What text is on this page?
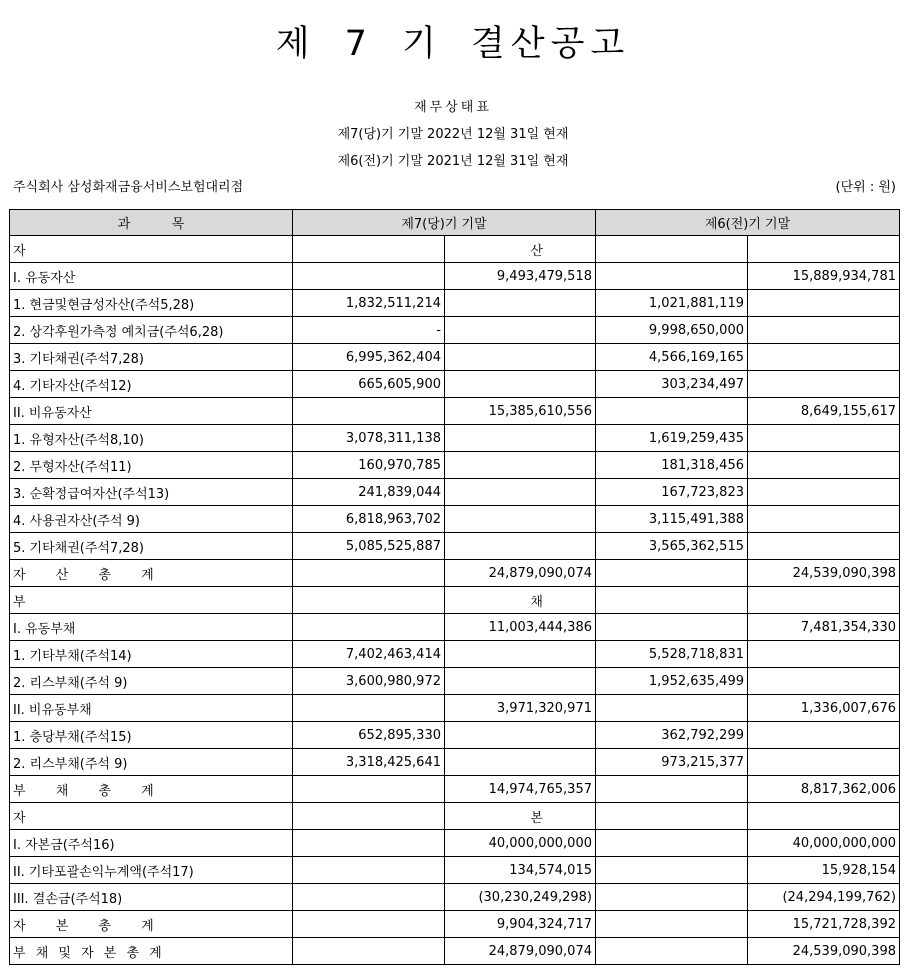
제 7 기 결산공고
재무상태표
제7(당)기 기말 2022년 12월 31일 현재
제6(전)기 기말 2021년 12월 31일 현재
주식회사 삼성화재금융서비스보험대리점	(단위 : 원)
과          목	제7(당)기 기말		제6(전)기 기말	
자      산				
I. 유동자산		9,493,479,518		15,889,934,781
1. 현금및현금성자산(주석5,28)	1,832,511,214		1,021,881,119	
2. 상각후원가측정 예치금(주석6,28)	-		9,998,650,000	
3. 기타채권(주석7,28)	6,995,362,404		4,566,169,165	
4. 기타자산(주석12)	665,605,900		303,234,497	
II. 비유동자산		15,385,610,556		8,649,155,617
1. 유형자산(주석8,10)	3,078,311,138		1,619,259,435	
2. 무형자산(주석11)	160,970,785		181,318,456	
3. 순확정급여자산(주석13)	241,839,044		167,723,823	
4. 사용권자산(주석 9)	6,818,963,702		3,115,491,388	
5. 기타채권(주석7,28)	5,085,525,887		3,565,362,515	
자 산 총 계		24,879,090,074		24,539,090,398
부      채				
I. 유동부채		11,003,444,386		7,481,354,330
1. 기타부채(주석14)	7,402,463,414		5,528,718,831	
2. 리스부채(주석 9)	3,600,980,972		1,952,635,499	
II. 비유동부채		3,971,320,971		1,336,007,676
1. 충당부채(주석15)	652,895,330		362,792,299	
2. 리스부채(주석 9)	3,318,425,641		973,215,377	
부 채 총 계		14,974,765,357		8,817,362,006
자      본				
I. 자본금(주석16)		40,000,000,000		40,000,000,000
II. 기타포괄손익누계액(주석17)		134,574,015		15,928,154
III. 결손금(주석18)		(30,230,249,298)		(24,294,199,762)
자 본 총 계		9,904,324,717		15,721,728,392
부 채 및 자 본 총 계		24,879,090,074		24,539,090,398
